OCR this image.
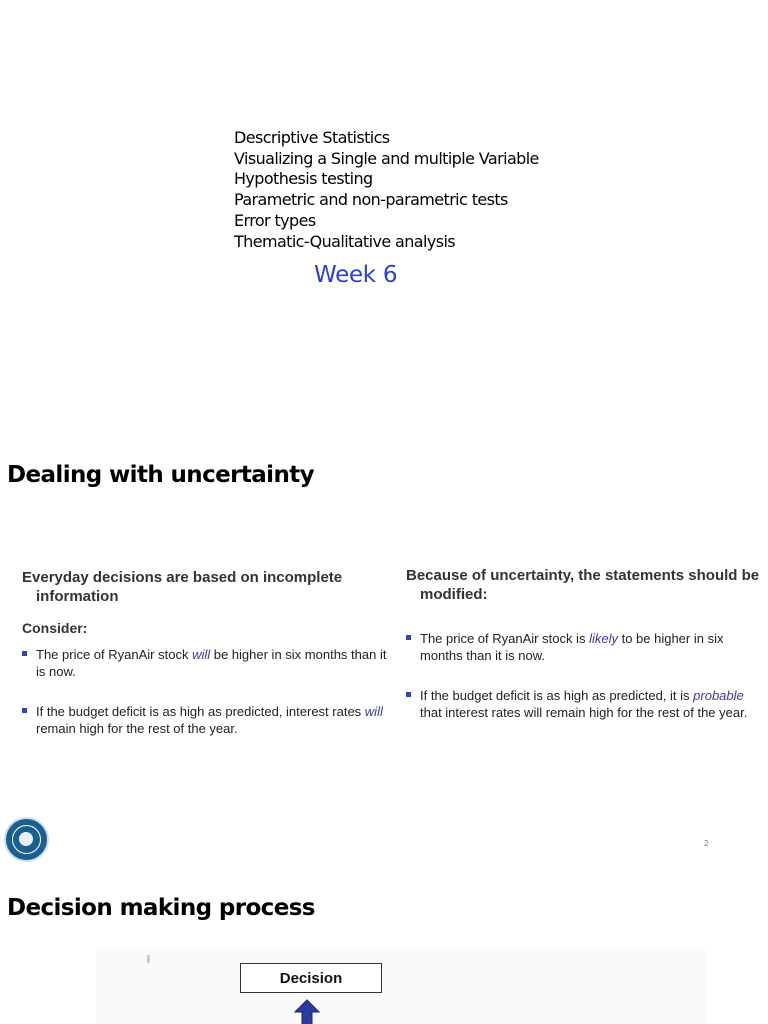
Descriptive Statistics
Visualizing a Single and multiple Variable
Hypothesis testing
Parametric and non-parametric tests
Error types
Thematic-Qualitative analysis
Week 6
Dealing with uncertainty
Everyday decisions are based on incomplete information
Consider:
The price of RyanAir stock will be higher in six months than it is now.
If the budget deficit is as high as predicted, interest rates will remain high for the rest of the year.
Because of uncertainty, the statements should be modified:
The price of RyanAir stock is likely to be higher in six months than it is now.
If the budget deficit is as high as predicted, it is probable that interest rates will remain high for the rest of the year.
2
Decision making process
Decision
